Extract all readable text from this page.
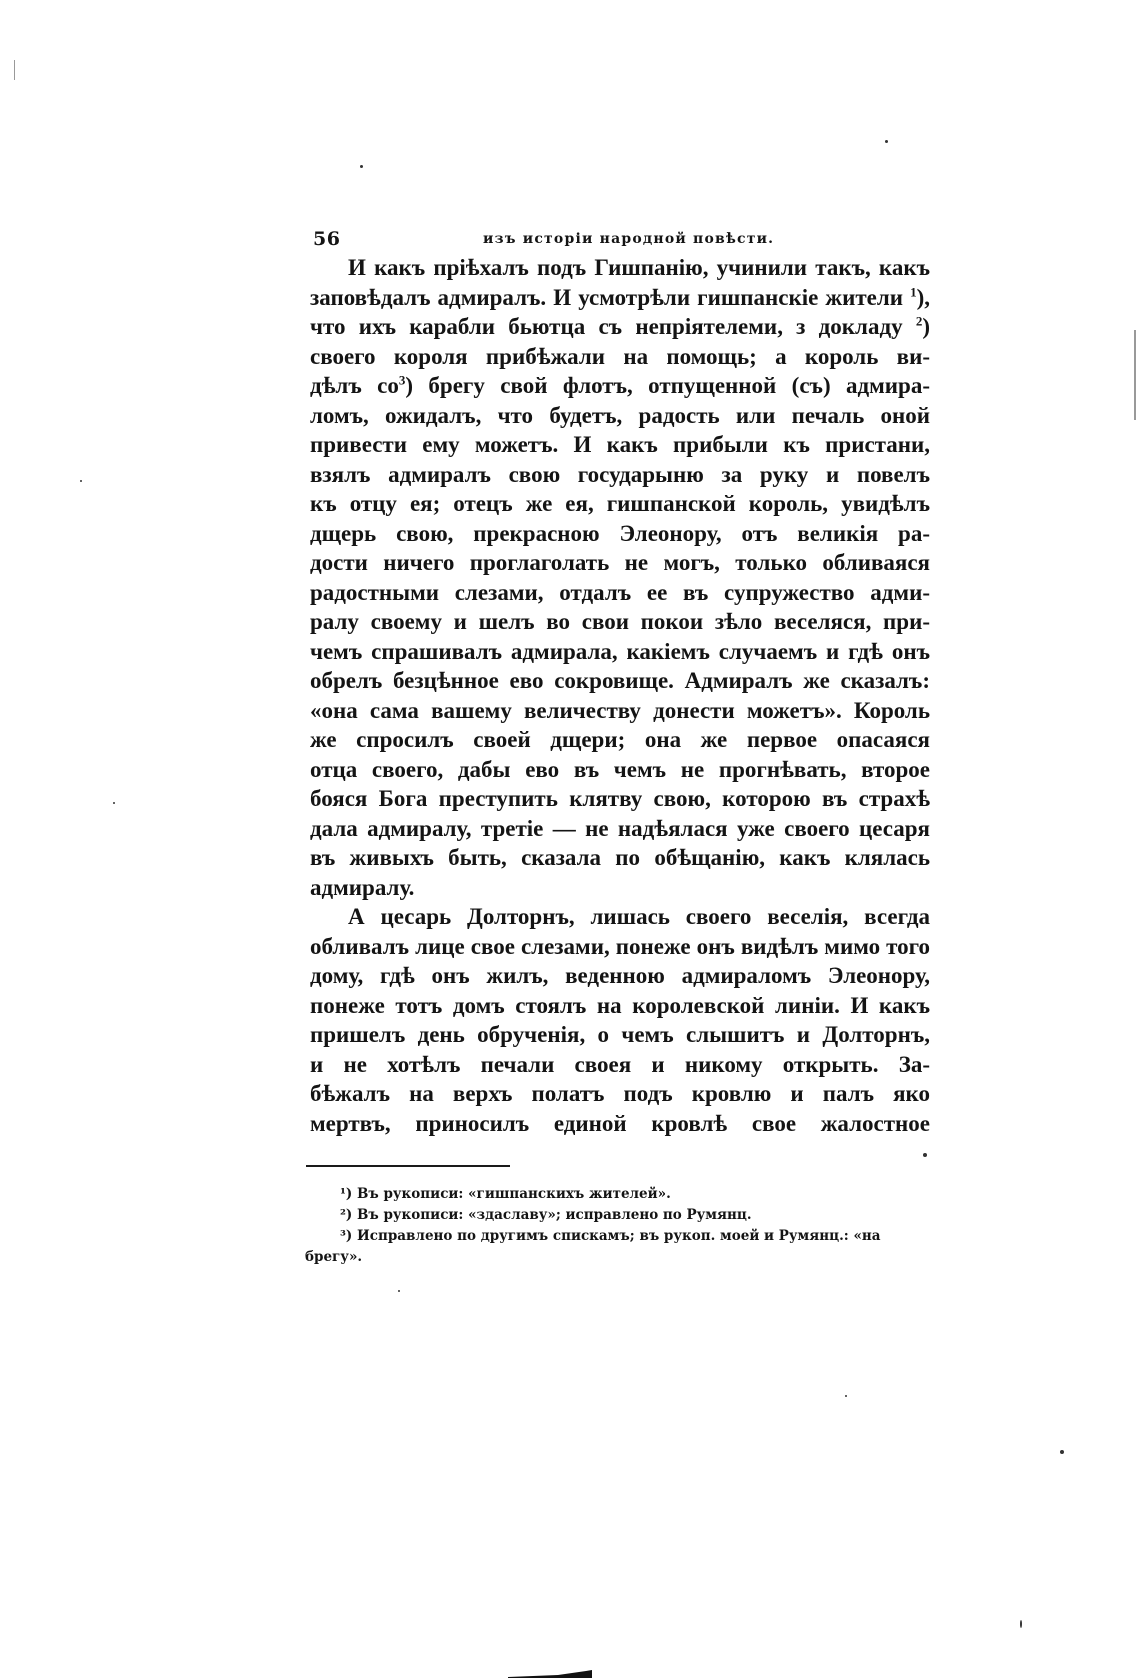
56	изъ исторіи народной повѣсти.
И какъ пріѣхалъ подъ Гишпанію, учинили такъ, какъ
заповѣдалъ адмиралъ. И усмотрѣли гишпанскіе жители $^1$),
что ихъ карабли бьютца съ непріятелеми, з докладу $^2$)
своего короля прибѣжали на помощь; а король ви-
дѣлъ $со^3$) брегу свой флотъ, отпущенной (съ) адмира-
ломъ, ожидалъ, что будетъ, радость или печаль оной
привести ему можетъ. И какъ прибыли къ пристани,
взялъ адмиралъ свою государыню за руку и повелъ
къ отцу ея; отецъ же ея, гишпанской король, увидѣлъ
дщерь свою, прекрасною Элеонору, отъ великія ра-
дости ничего проглаголать не могъ, только обливаяся
радостными слезами, отдалъ ее въ супружество адми-
ралу своему и шелъ во свои покои зѣло веселяся, при-
чемъ спрашивалъ адмирала, какіемъ случаемъ и гдѣ онъ
обрелъ безцѣнное ево сокровище. Адмиралъ же сказалъ:
«она сама вашему величеству донести можетъ». Король
же спросилъ своей дщери; она же первое опасаяся
отца своего, дабы ево въ чемъ не прогнѣвать, второе
бояся Бога преступить клятву свою, которою въ страхѣ
дала адмиралу, третіе — не надѣялася уже своего цесаря
въ живыхъ быть, сказала по обѣщанію, какъ клялась
адмиралу.
А цесарь Долторнъ, лишась своего веселія, всегда
обливалъ лице свое слезами, понеже онъ видѣлъ мимо того
дому, гдѣ онъ жилъ, веденною адмираломъ Элеонору,
понеже тотъ домъ стоялъ на королевской линіи. И какъ
пришелъ день обрученія, о чемъ слышитъ и Долторнъ,
и не хотѣлъ печали своея и никому открыть. За-
бѣжалъ на верхъ полатъ подъ кровлю и палъ яко
мертвъ, приносилъ единой кровлѣ свое жалостное
¹) Въ рукописи: «гишпанскихъ жителей».
²) Въ рукописи: «здаславу»; исправлено по Румянц.
³) Исправлено по другимъ спискамъ; въ рукоп. моей и Румянц.: «на
брегу».
